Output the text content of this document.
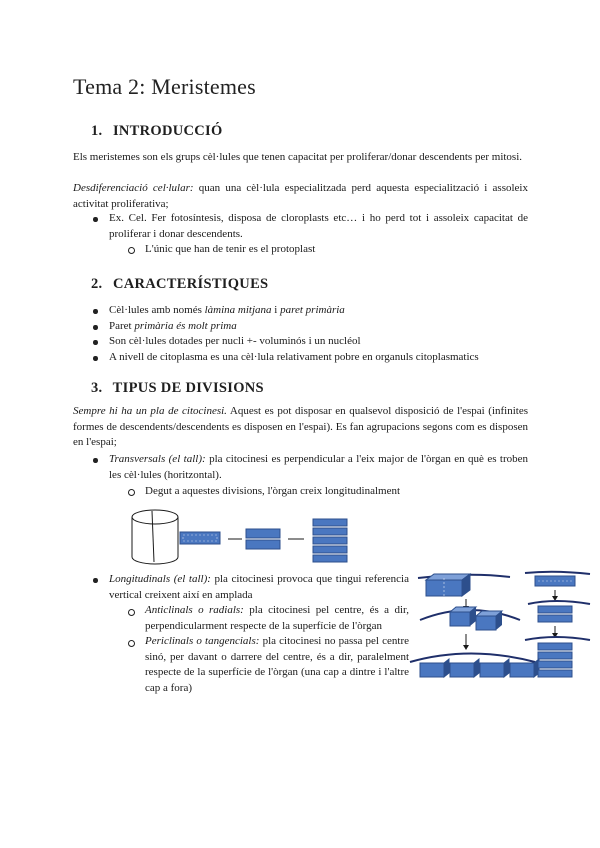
Tema 2: Meristemes
1. INTRODUCCIÓ
Els meristemes son els grups cèl·lules que tenen capacitat per proliferar/donar descendents per mitosi.
Desdiferenciació cel·lular: quan una cèl·lula especialitzada perd aquesta especialització i assoleix activitat proliferativa;
Ex. Cel. Fer fotosíntesis, disposa de cloroplasts etc… i ho perd tot i assoleix capacitat de proliferar i donar descendents.
L'únic que han de tenir es el protoplast
2. CARACTERÍSTIQUES
Cèl·lules amb només làmina mitjana i paret primària
Paret primària és molt prima
Son cèl·lules dotades per nucli +- voluminós i un nucléol
A nivell de citoplasma es una cèl·lula relativament pobre en organuls citoplasmatics
3. TIPUS DE DIVISIONS
Sempre hi ha un pla de citocinesi. Aquest es pot disposar en qualsevol disposició de l'espai (infinites formes de descendents/descendents es disposen en l'espai). Es fan agrupacions segons com es disposen en l'espai;
Transversals (el tall): pla citocinesi es perpendicular a l'eix major de l'òrgan en què es troben les cèl·lules (horitzontal).
Degut a aquestes divisions, l'òrgan creix longitudinalment
Longitudinals (el tall): pla citocinesi provoca que tingui referencia vertical creixent així en amplada
Anticlinals o radials: pla citocinesi pel centre, és a dir, perpendicularment respecte de la superfície de l'òrgan
Periclinals o tangencials: pla citocinesi no passa pel centre sinó, per davant o darrere del centre, és a dir, paralelment respecte de la superfície de l'òrgan (una cap a dintre i l'altre cap a fora)
